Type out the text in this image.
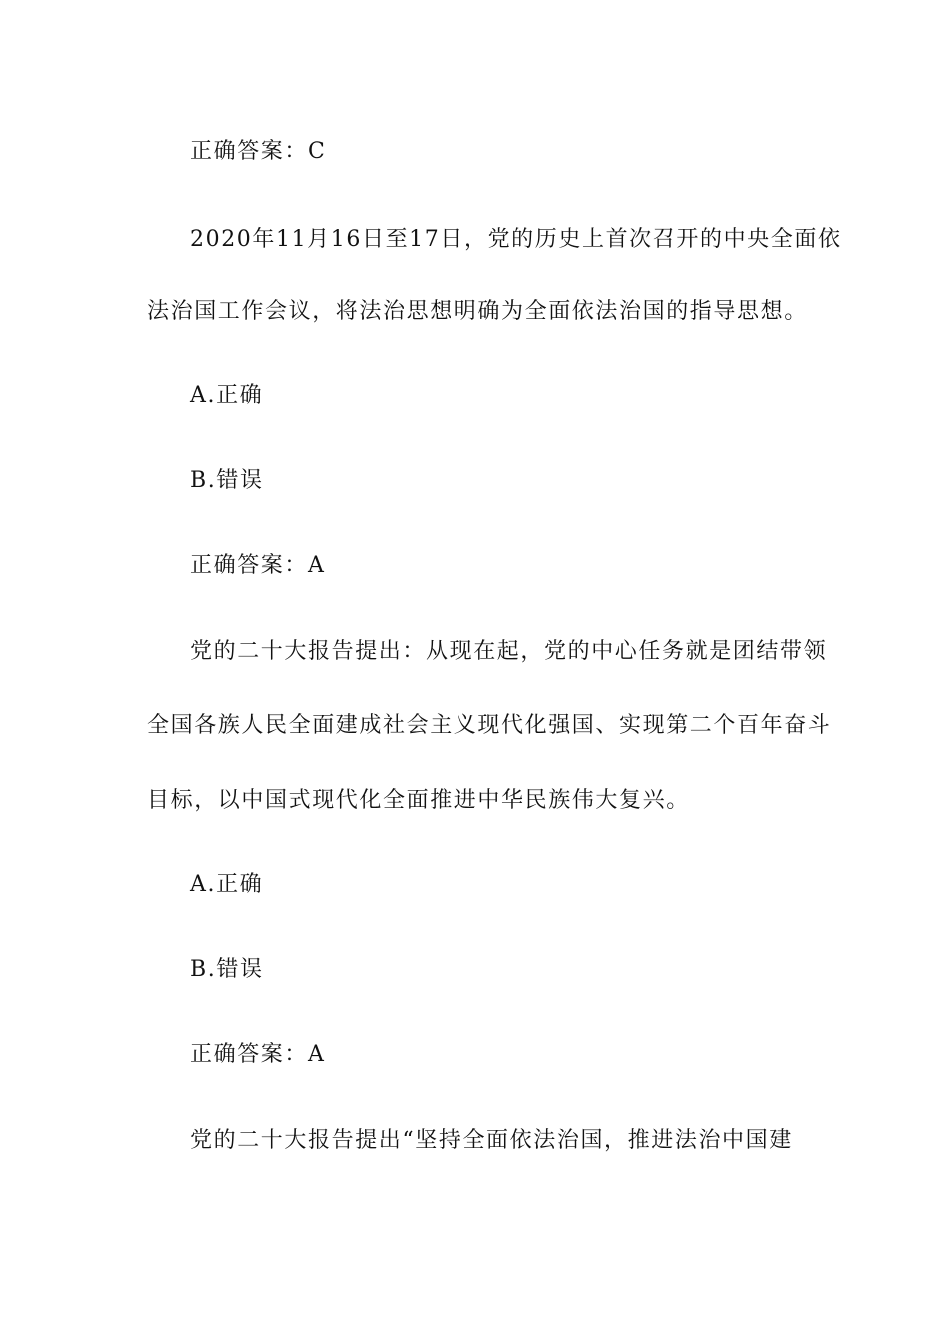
正确答案：C
2020年11月16日至17日，党的历史上首次召开的中央全面依
法治国工作会议，将法治思想明确为全面依法治国的指导思想。
A.正确
B.错误
正确答案：A
党的二十大报告提出：从现在起，党的中心任务就是团结带领
全国各族人民全面建成社会主义现代化强国、实现第二个百年奋斗
目标，以中国式现代化全面推进中华民族伟大复兴。
A.正确
B.错误
正确答案：A
党的二十大报告提出“坚持全面依法治国，推进法治中国建
